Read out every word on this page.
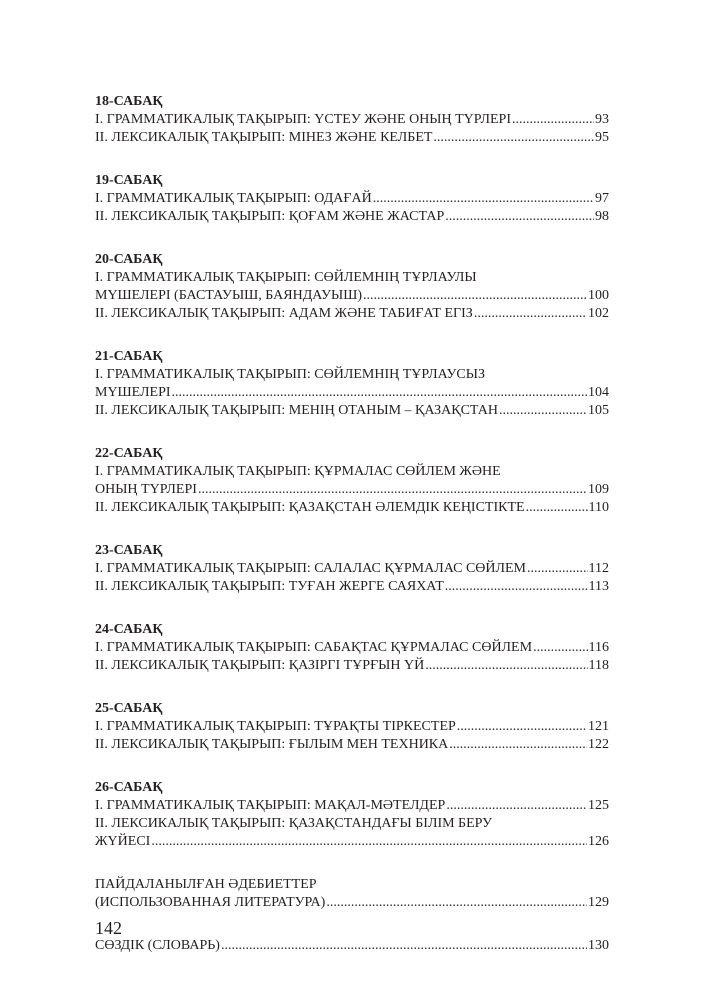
18-САБАҚ
I. ГРАММАТИКАЛЫҚ ТАҚЫРЫП: ҮСТЕУ ЖӘНЕ ОНЫҢ ТҮРЛЕРІ .....	93
II. ЛЕКСИКАЛЫҚ ТАҚЫРЫП: МІНЕЗ ЖӘНЕ КЕЛБЕТ .....	95
19-САБАҚ
I. ГРАММАТИКАЛЫҚ ТАҚЫРЫП: ОДАҒАЙ .....	97
II. ЛЕКСИКАЛЫҚ ТАҚЫРЫП: ҚОҒАМ ЖӘНЕ ЖАСТАР .....	98
20-САБАҚ
I. ГРАММАТИКАЛЫҚ ТАҚЫРЫП: СӨЙЛЕМНІҢ ТҰРЛАУЛЫ
МҮШЕЛЕРІ (БАСТАУЫШ, БАЯНДАУЫШ) .....	100
II. ЛЕКСИКАЛЫҚ ТАҚЫРЫП: АДАМ ЖӘНЕ ТАБИҒАТ ЕГІЗ .....	102
21-САБАҚ
I. ГРАММАТИКАЛЫҚ ТАҚЫРЫП: СӨЙЛЕМНІҢ ТҰРЛАУСЫЗ
МҮШЕЛЕРІ .....	104
II. ЛЕКСИКАЛЫҚ ТАҚЫРЫП: МЕНІҢ ОТАНЫМ – ҚАЗАҚСТАН .....	105
22-САБАҚ
I. ГРАММАТИКАЛЫҚ ТАҚЫРЫП: ҚҰРМАЛАС СӨЙЛЕМ ЖӘНЕ
ОНЫҢ ТҮРЛЕРІ .....	109
II. ЛЕКСИКАЛЫҚ ТАҚЫРЫП: ҚАЗАҚСТАН ӘЛЕМДІК КЕҢІСТІКТЕ .....	110
23-САБАҚ
I. ГРАММАТИКАЛЫҚ ТАҚЫРЫП: САЛАЛАС ҚҰРМАЛАС СӨЙЛЕМ .....	112
II. ЛЕКСИКАЛЫҚ ТАҚЫРЫП: ТУҒАН ЖЕРГЕ САЯХАТ .....	113
24-САБАҚ
I. ГРАММАТИКАЛЫҚ ТАҚЫРЫП: САБАҚТАС ҚҰРМАЛАС СӨЙЛЕМ .....	116
II. ЛЕКСИКАЛЫҚ ТАҚЫРЫП: ҚАЗІРГІ ТҰРҒЫН ҮЙ .....	118
25-САБАҚ
I. ГРАММАТИКАЛЫҚ ТАҚЫРЫП: ТҰРАҚТЫ ТІРКЕСТЕР .....	121
II. ЛЕКСИКАЛЫҚ ТАҚЫРЫП: ҒЫЛЫМ МЕН ТЕХНИКА .....	122
26-САБАҚ
I. ГРАММАТИКАЛЫҚ ТАҚЫРЫП: МАҚАЛ-МӘТЕЛДЕР .....	125
II. ЛЕКСИКАЛЫҚ ТАҚЫРЫП: ҚАЗАҚСТАНДАҒЫ БІЛІМ БЕРУ
ЖҮЙЕСІ .....	126
ПАЙДАЛАНЫЛҒАН ӘДЕБИЕТТЕР
(ИСПОЛЬЗОВАННАЯ ЛИТЕРАТУРА) .....	129
СӨЗДІК (СЛОВАРЬ) .....	130
142
